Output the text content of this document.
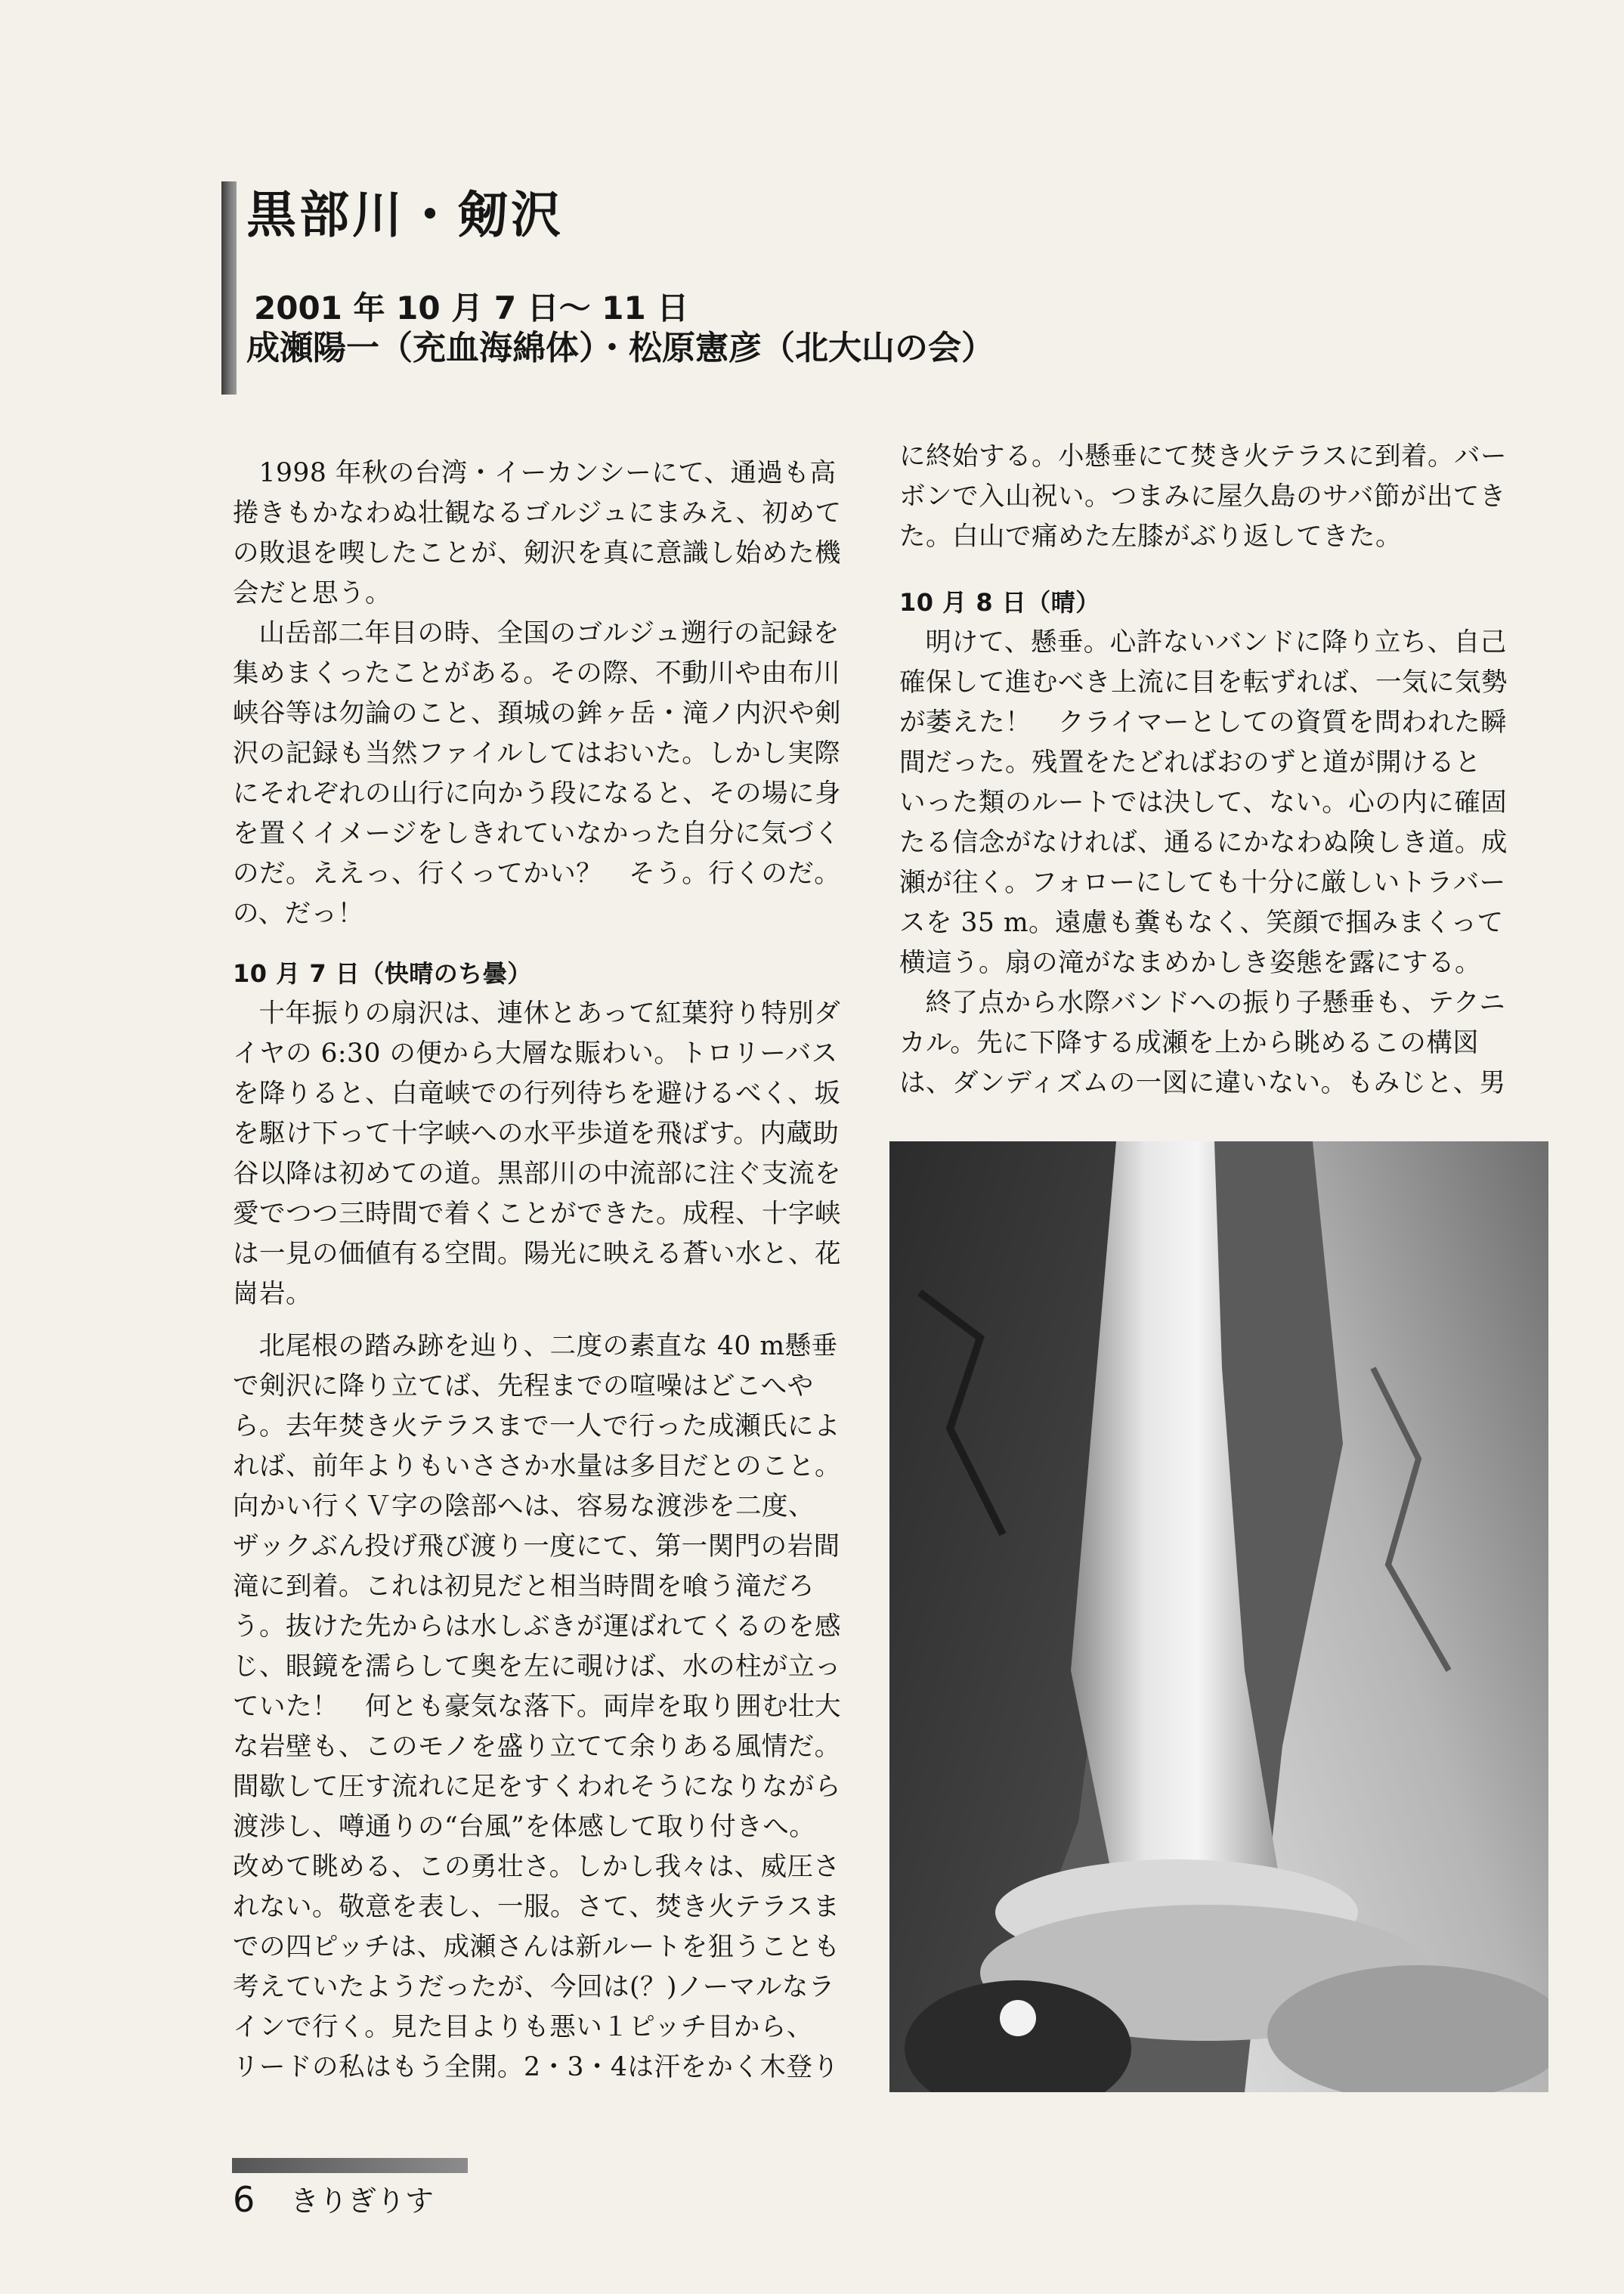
黒部川・剱沢
2001 年 10 月 7 日〜 11 日
成瀬陽一（充血海綿体）・松原憲彦（北大山の会）

1998 年秋の台湾・イーカンシーにて、通過も高
捲きもかなわぬ壮観なるゴルジュにまみえ、初めて
の敗退を喫したことが、剱沢を真に意識し始めた機
会だと思う。

山岳部二年目の時、全国のゴルジュ遡行の記録を
集めまくったことがある。その際、不動川や由布川
峡谷等は勿論のこと、頚城の鉾ヶ岳・滝ノ内沢や剣
沢の記録も当然ファイルしてはおいた。しかし実際
にそれぞれの山行に向かう段になると、その場に身
を置くイメージをしきれていなかった自分に気づく
のだ。ええっ、行くってかい？　そう。行くのだ。
の、だっ！

10 月 7 日（快晴のち曇）

十年振りの扇沢は、連休とあって紅葉狩り特別ダ
イヤの 6:30 の便から大層な賑わい。トロリーバス
を降りると、白竜峡での行列待ちを避けるべく、坂
を駆け下って十字峡への水平歩道を飛ばす。内蔵助
谷以降は初めての道。黒部川の中流部に注ぐ支流を
愛でつつ三時間で着くことができた。成程、十字峡
は一見の価値有る空間。陽光に映える蒼い水と、花
崗岩。

北尾根の踏み跡を辿り、二度の素直な 40 m懸垂
で剣沢に降り立てば、先程までの喧噪はどこへや
ら。去年焚き火テラスまで一人で行った成瀬氏によ
れば、前年よりもいささか水量は多目だとのこと。
向かい行くＶ字の陰部へは、容易な渡渉を二度、
ザックぶん投げ飛び渡り一度にて、第一関門の岩間
滝に到着。これは初見だと相当時間を喰う滝だろ
う。抜けた先からは水しぶきが運ばれてくるのを感
じ、眼鏡を濡らして奥を左に覗けば、水の柱が立っ
ていた！　何とも豪気な落下。両岸を取り囲む壮大
な岩壁も、このモノを盛り立てて余りある風情だ。
間歇して圧す流れに足をすくわれそうになりながら
渡渉し、噂通りの“台風”を体感して取り付きへ。
改めて眺める、この勇壮さ。しかし我々は、威圧さ
れない。敬意を表し、一服。さて、焚き火テラスま
での四ピッチは、成瀬さんは新ルートを狙うことも
考えていたようだったが、今回は(？)ノーマルなラ
インで行く。見た目よりも悪い１ピッチ目から、
リードの私はもう全開。2・3・4は汗をかく木登り

に終始する。小懸垂にて焚き火テラスに到着。バー
ボンで入山祝い。つまみに屋久島のサバ節が出てき
た。白山で痛めた左膝がぶり返してきた。

10 月 8 日（晴）

明けて、懸垂。心許ないバンドに降り立ち、自己
確保して進むべき上流に目を転ずれば、一気に気勢
が萎えた！　クライマーとしての資質を問われた瞬
間だった。残置をたどればおのずと道が開けると
いった類のルートでは決して、ない。心の内に確固
たる信念がなければ、通るにかなわぬ険しき道。成
瀬が往く。フォローにしても十分に厳しいトラバー
スを 35 m。遠慮も糞もなく、笑顔で掴みまくって
横這う。扇の滝がなまめかしき姿態を露にする。

終了点から水際バンドへの振り子懸垂も、テクニ
カル。先に下降する成瀬を上から眺めるこの構図
は、ダンディズムの一図に違いない。もみじと、男

6 きりぎりす
